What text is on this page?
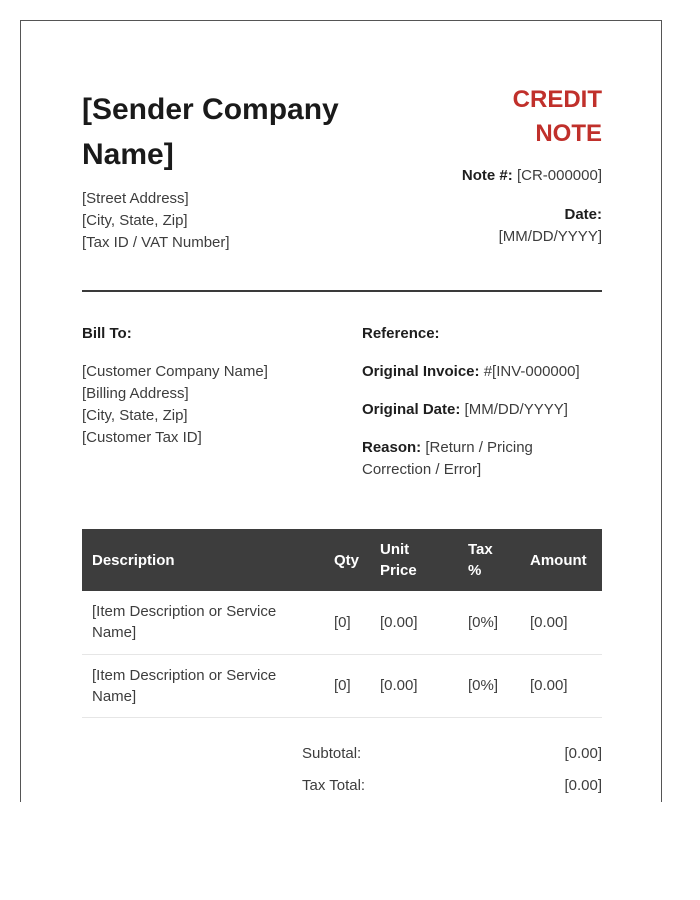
[Sender Company Name]
[Street Address]
[City, State, Zip]
[Tax ID / VAT Number]
CREDIT NOTE
Note #: [CR-000000]
Date:
[MM/DD/YYYY]
Bill To:
[Customer Company Name]
[Billing Address]
[City, State, Zip]
[Customer Tax ID]
Reference:
Original Invoice: #[INV-000000]
Original Date: [MM/DD/YYYY]
Reason: [Return / Pricing Correction / Error]
Description	Qty	Unit Price	Tax %	Amount
[Item Description or Service Name]	[0]	[0.00]	[0%]	[0.00]
[Item Description or Service Name]	[0]	[0.00]	[0%]	[0.00]
Subtotal:	[0.00]
Tax Total:	[0.00]
